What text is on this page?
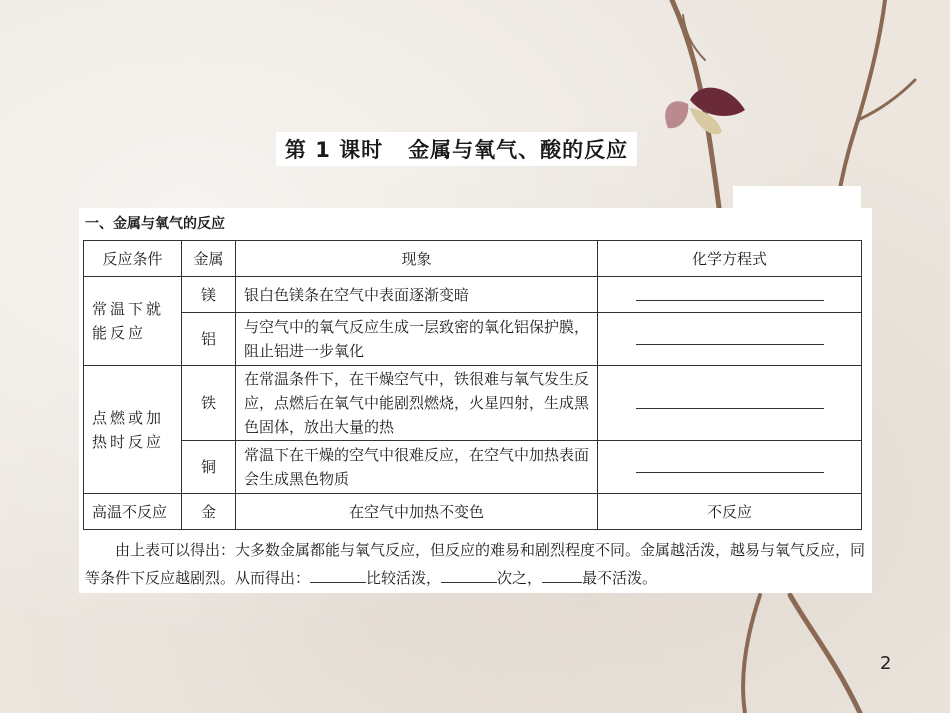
第 1 课时   金属与氧气、酸的反应
一、金属与氧气的反应
反应条件	金属	现象	化学方程式
常温下就能反应	镁	银白色镁条在空气中表面逐渐变暗	
	铝	与空气中的氧气反应生成一层致密的氧化铝保护膜，阻止铝进一步氧化	
点燃或加热时反应	铁	在常温条件下，在干燥空气中，铁很难与氧气发生反应，点燃后在氧气中能剧烈燃烧，火星四射，生成黑色固体，放出大量的热	
	铜	常温下在干燥的空气中很难反应，在空气中加热表面会生成黑色物质	
高温不反应	金	在空气中加热不变色	不反应
由上表可以得出：大多数金属都能与氧气反应，但反应的难易和剧烈程度不同。金属越活泼，越易与氧气反应，同等条件下反应越剧烈。从而得出：	比较活泼，	次之，	最不活泼。
2
